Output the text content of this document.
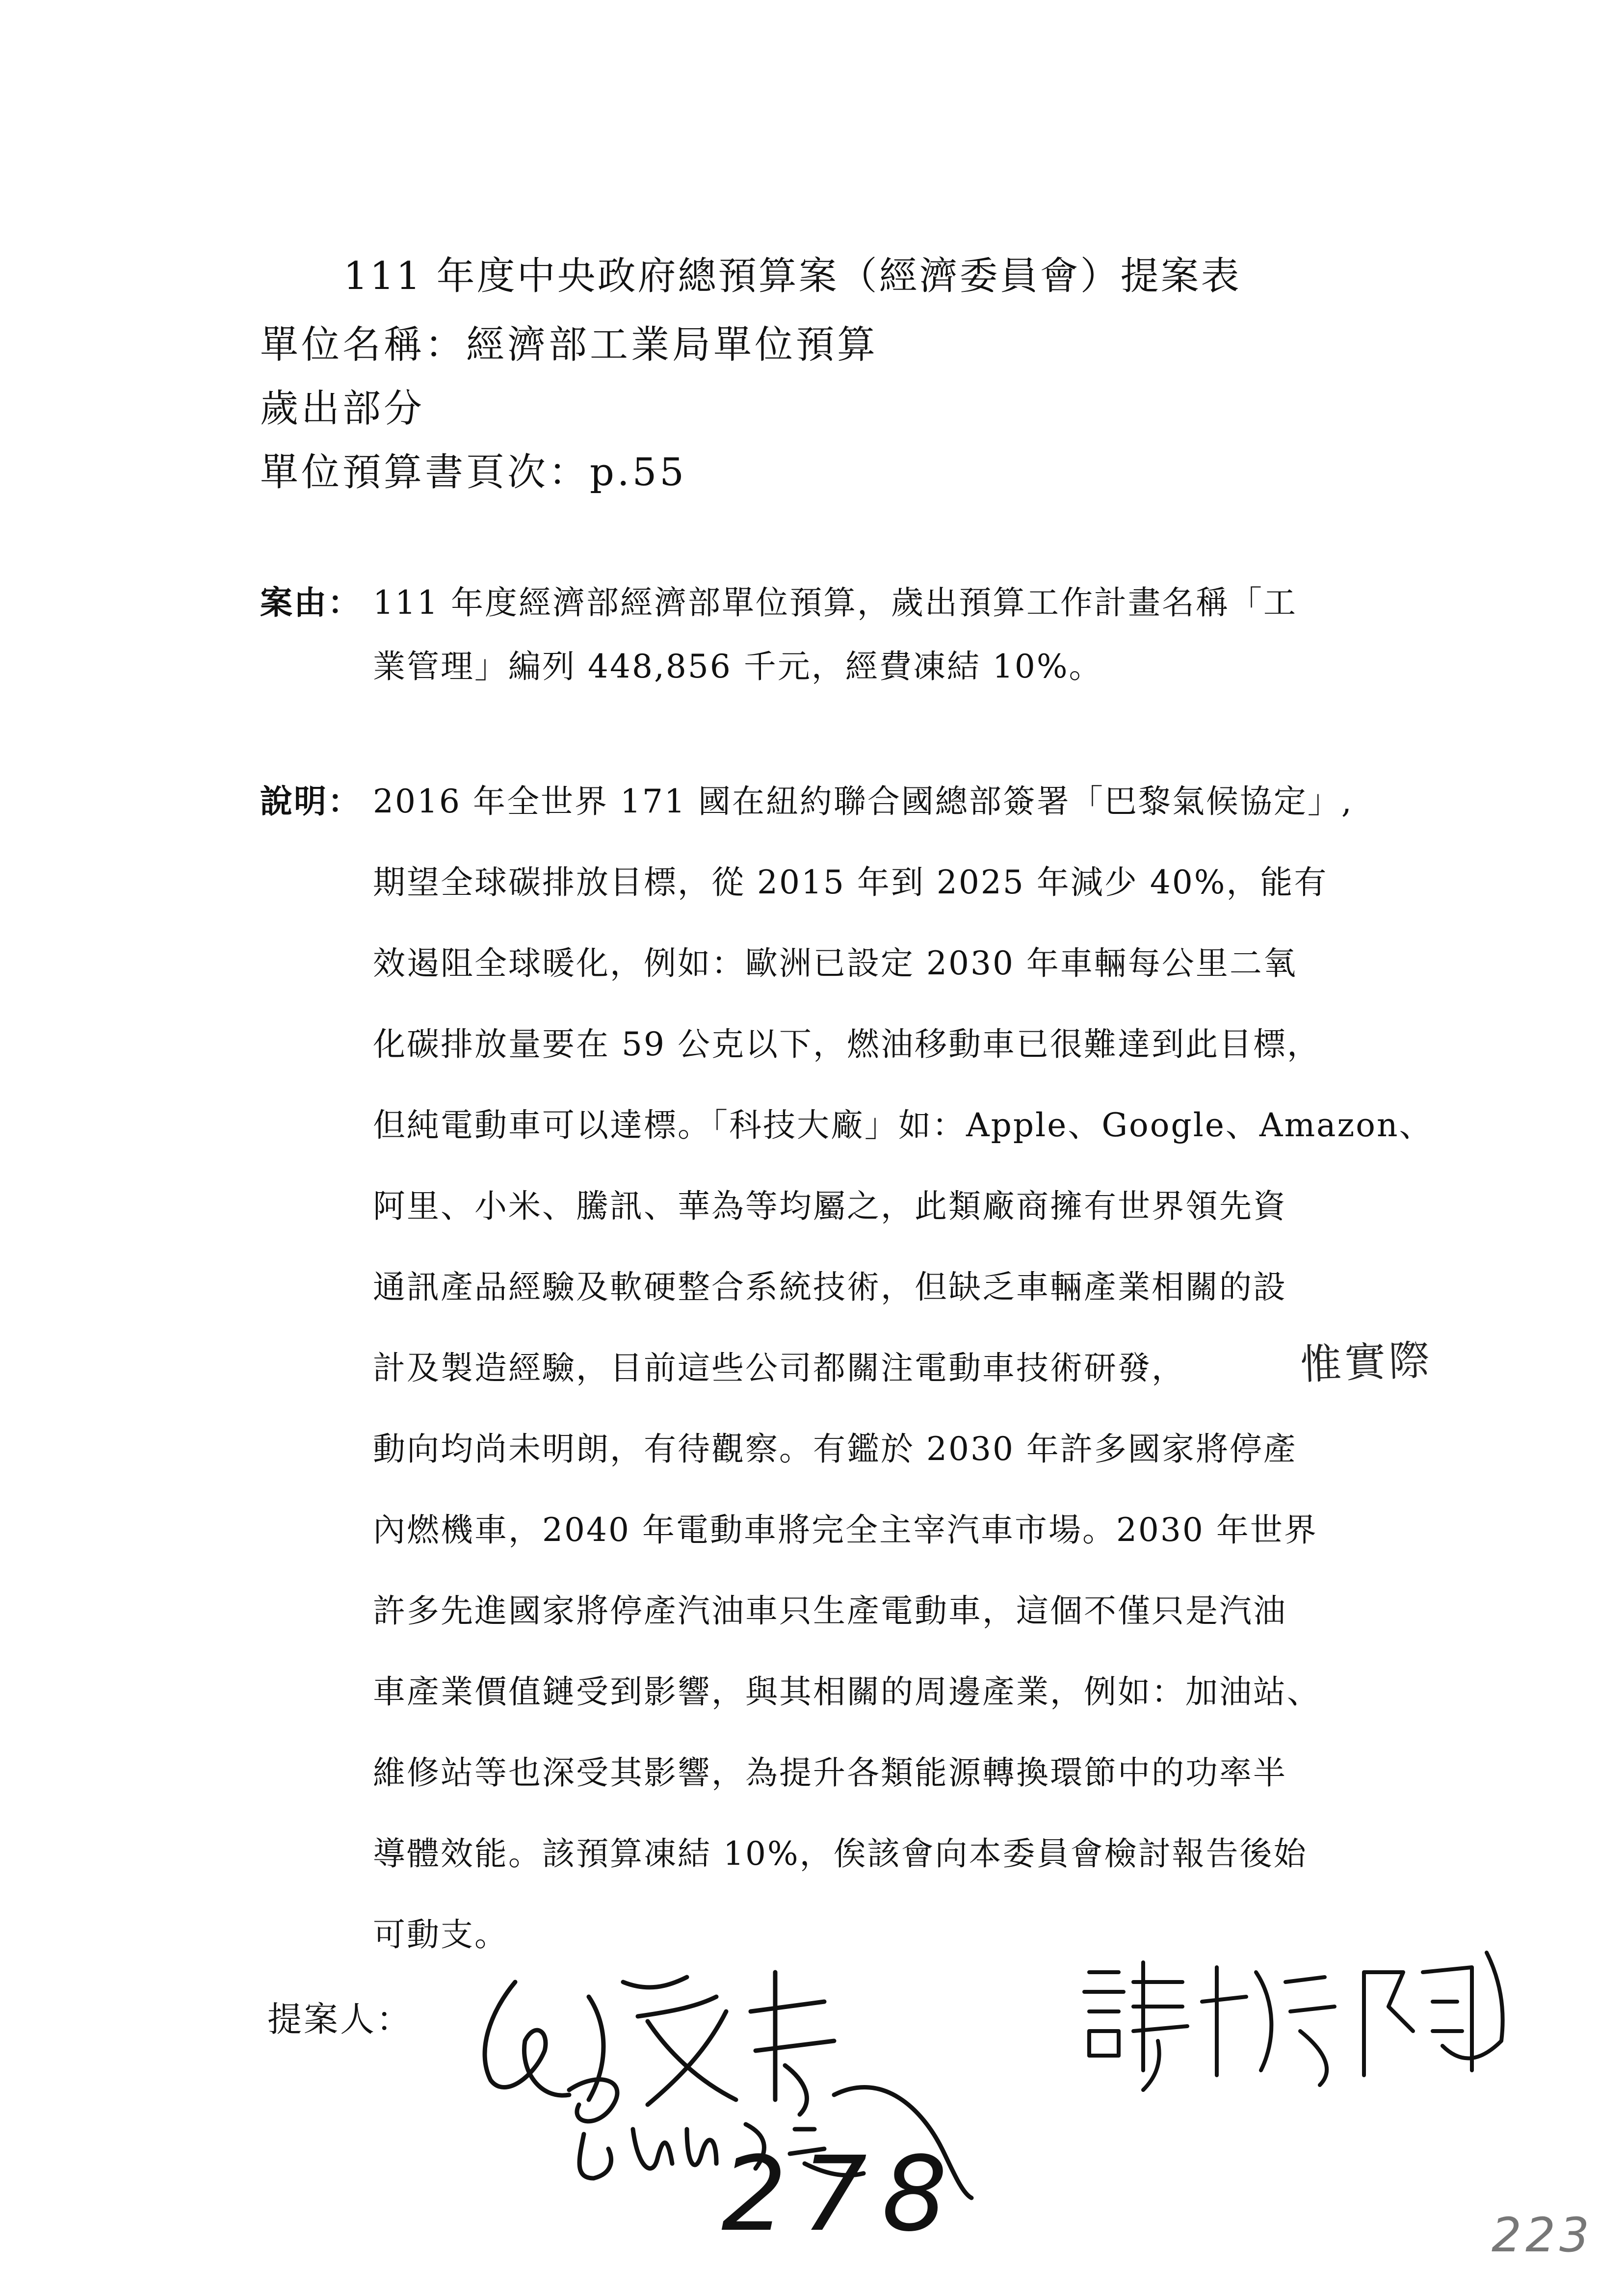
111 年度中央政府總預算案（經濟委員會）提案表
單位名稱：經濟部工業局單位預算
歲出部分
單位預算書頁次：p.55
案由： 111 年度經濟部經濟部單位預算，歲出預算工作計畫名稱「工
業管理」編列 448,856 千元，經費凍結 10%。
說明： 2016 年全世界 171 國在紐約聯合國總部簽署「巴黎氣候協定」,
期望全球碳排放目標，從 2015 年到 2025 年減少 40%，能有
效遏阻全球暖化，例如：歐洲已設定 2030 年車輛每公里二氧
化碳排放量要在 59 公克以下，燃油移動車已很難達到此目標，
但純電動車可以達標。「科技大廠」如：Apple、Google、Amazon、
阿里、小米、騰訊、華為等均屬之，此類廠商擁有世界領先資
通訊產品經驗及軟硬整合系統技術，但缺乏車輛產業相關的設
計及製造經驗，目前這些公司都關注電動車技術研發，	惟實際
動向均尚未明朗，有待觀察。有鑑於 2030 年許多國家將停產
內燃機車，2040 年電動車將完全主宰汽車市場。2030 年世界
許多先進國家將停產汽油車只生產電動車，這個不僅只是汽油
車產業價值鏈受到影響，與其相關的周邊產業，例如：加油站、
維修站等也深受其影響，為提升各類能源轉換環節中的功率半
導體效能。該預算凍結 10%，俟該會向本委員會檢討報告後始
可動支。
提案人：
278	223
